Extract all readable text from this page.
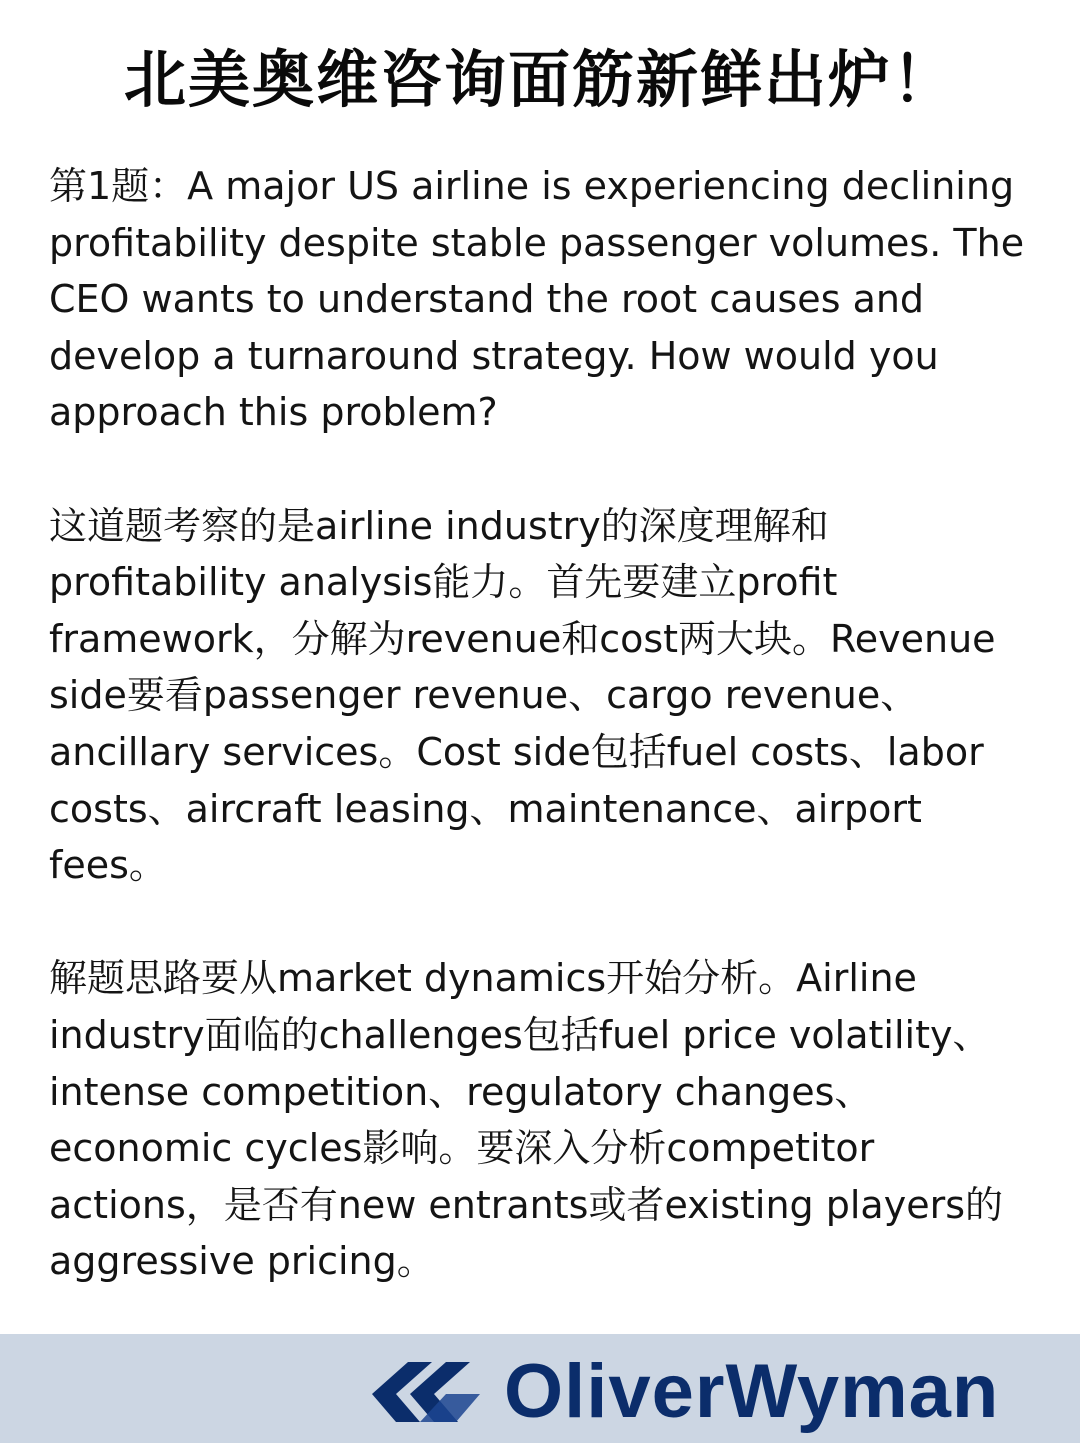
北美奥维咨询面筋新鲜出炉！
第1题：A major US airline is experiencing declining
profitability despite stable passenger volumes. The
CEO wants to understand the root causes and
develop a turnaround strategy. How would you
approach this problem?
这道题考察的是airline industry的深度理解和
profitability analysis能力。首先要建立profit
framework，分解为revenue和cost两大块。Revenue
side要看passenger revenue、cargo revenue、
ancillary services。Cost side包括fuel costs、labor
costs、aircraft leasing、maintenance、airport
fees。
解题思路要从market dynamics开始分析。Airline
industry面临的challenges包括fuel price volatility、
intense competition、regulatory changes、
economic cycles影响。要深入分析competitor
actions，是否有new entrants或者existing players的
aggressive pricing。
OliverWyman
